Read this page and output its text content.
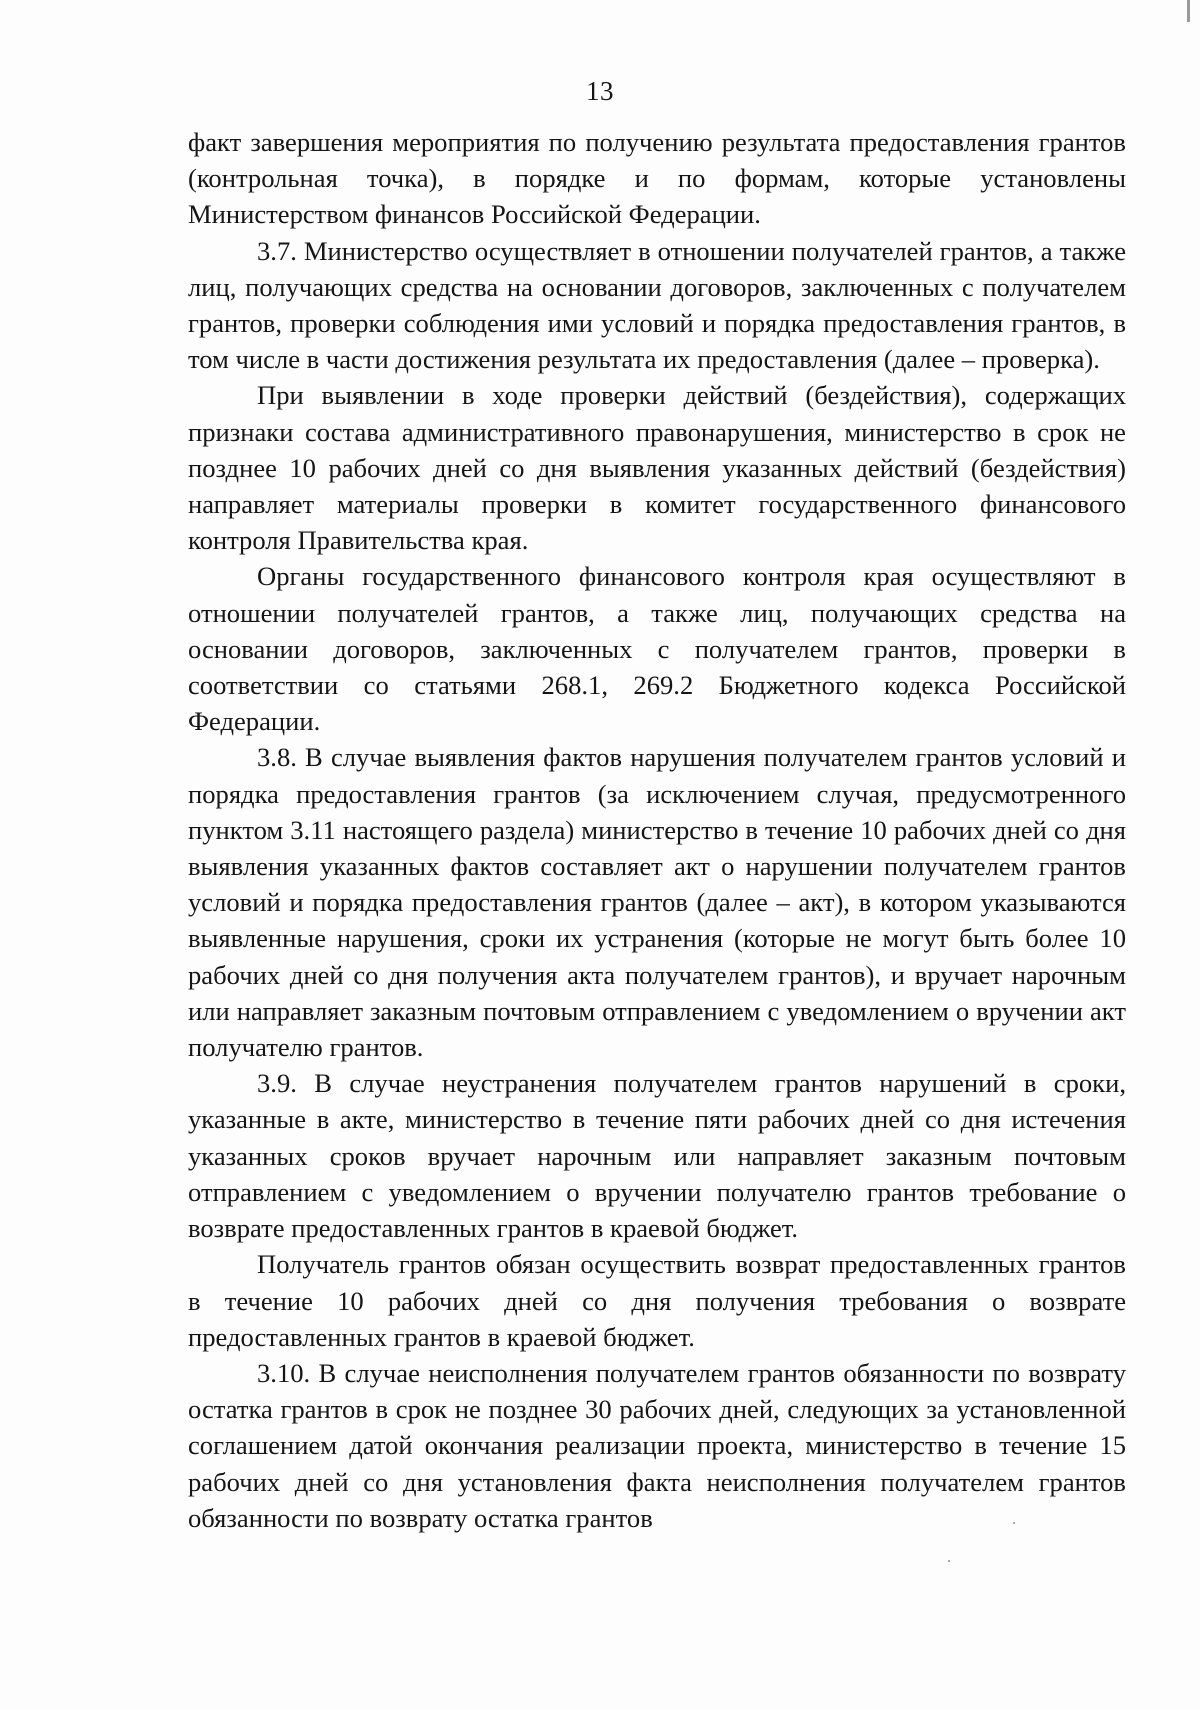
13

факт завершения мероприятия по получению результата предоставления грантов (контрольная точка), в порядке и по формам, которые установлены Министерством финансов Российской Федерации.

3.7. Министерство осуществляет в отношении получателей грантов, а также лиц, получающих средства на основании договоров, заключенных с получателем грантов, проверки соблюдения ими условий и порядка предоставления грантов, в том числе в части достижения результата их предоставления (далее – проверка).

При выявлении в ходе проверки действий (бездействия), содержащих признаки состава административного правонарушения, министерство в срок не позднее 10 рабочих дней со дня выявления указанных действий (бездействия) направляет материалы проверки в комитет государственного финансового контроля Правительства края.

Органы государственного финансового контроля края осуществляют в отношении получателей грантов, а также лиц, получающих средства на основании договоров, заключенных с получателем грантов, проверки в соответствии со статьями 268.1, 269.2 Бюджетного кодекса Российской Федерации.

3.8. В случае выявления фактов нарушения получателем грантов условий и порядка предоставления грантов (за исключением случая, предусмотренного пунктом 3.11 настоящего раздела) министерство в течение 10 рабочих дней со дня выявления указанных фактов составляет акт о нарушении получателем грантов условий и порядка предоставления грантов (далее – акт), в котором указываются выявленные нарушения, сроки их устранения (которые не могут быть более 10 рабочих дней со дня получения акта получателем грантов), и вручает нарочным или направляет заказным почтовым отправлением с уведомлением о вручении акт получателю грантов.

3.9. В случае неустранения получателем грантов нарушений в сроки, указанные в акте, министерство в течение пяти рабочих дней со дня истечения указанных сроков вручает нарочным или направляет заказным почтовым отправлением с уведомлением о вручении получателю грантов требование о возврате предоставленных грантов в краевой бюджет.

Получатель грантов обязан осуществить возврат предоставленных грантов в течение 10 рабочих дней со дня получения требования о возврате предоставленных грантов в краевой бюджет.

3.10. В случае неисполнения получателем грантов обязанности по возврату остатка грантов в срок не позднее 30 рабочих дней, следующих за установленной соглашением датой окончания реализации проекта, министерство в течение 15 рабочих дней со дня установления факта неисполнения получателем грантов обязанности по возврату остатка грантов
